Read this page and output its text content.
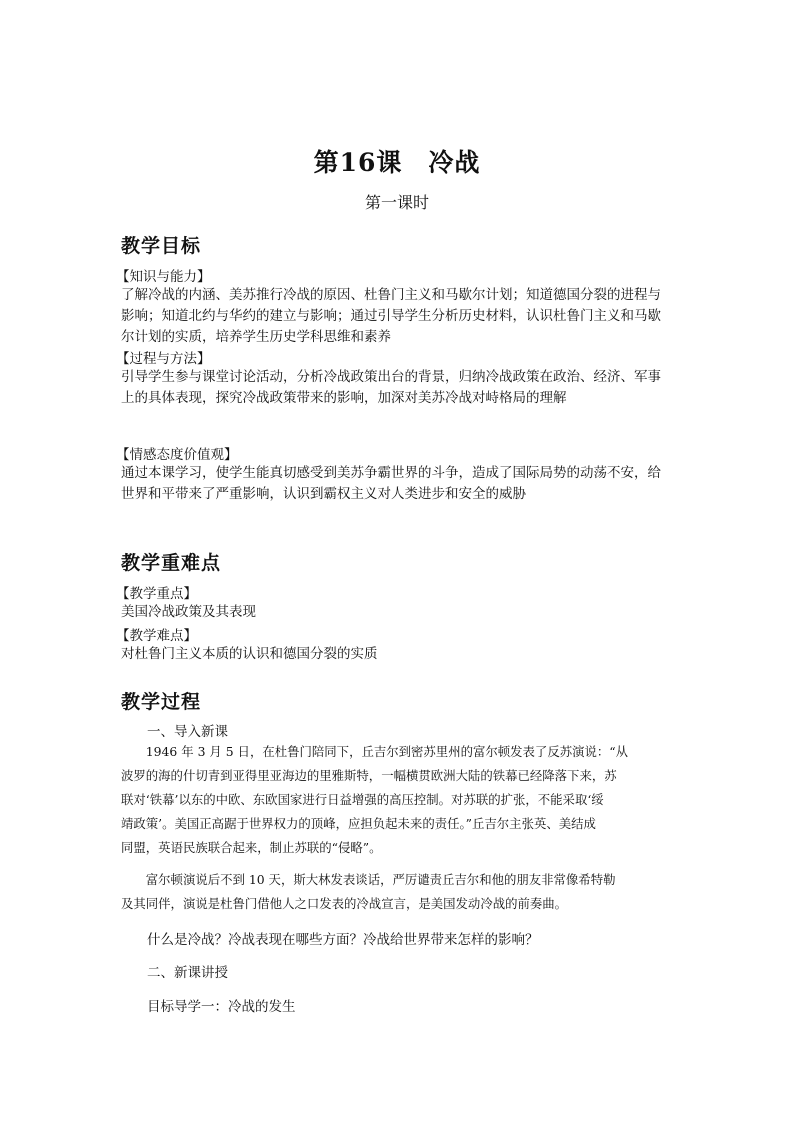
第16课　冷战
第一课时
教学目标
【知识与能力】
了解冷战的内涵、美苏推行冷战的原因、杜鲁门主义和马歇尔计划；知道德国分裂的进程与
影响；知道北约与华约的建立与影响；通过引导学生分析历史材料，认识杜鲁门主义和马歇
尔计划的实质，培养学生历史学科思维和素养
【过程与方法】
引导学生参与课堂讨论活动，分析冷战政策出台的背景，归纳冷战政策在政治、经济、军事
上的具体表现，探究冷战政策带来的影响，加深对美苏冷战对峙格局的理解
【情感态度价值观】
通过本课学习，使学生能真切感受到美苏争霸世界的斗争，造成了国际局势的动荡不安，给
世界和平带来了严重影响，认识到霸权主义对人类进步和安全的威胁
教学重难点
【教学重点】
美国冷战政策及其表现
【教学难点】
对杜鲁门主义本质的认识和德国分裂的实质
教学过程
一、导入新课
　　1946 年 3 月 5 日，在杜鲁门陪同下，丘吉尔到密苏里州的富尔顿发表了反苏演说：“从
波罗的海的什切青到亚得里亚海边的里雅斯特，一幅横贯欧洲大陆的铁幕已经降落下来，苏
联对‘铁幕’以东的中欧、东欧国家进行日益增强的高压控制。对苏联的扩张，不能采取‘绥
靖政策’。美国正高踞于世界权力的顶峰，应担负起未来的责任。”丘吉尔主张英、美结成
同盟，英语民族联合起来，制止苏联的“侵略”。
　　富尔顿演说后不到 10 天，斯大林发表谈话，严厉谴责丘吉尔和他的朋友非常像希特勒
及其同伴，演说是杜鲁门借他人之口发表的冷战宣言，是美国发动冷战的前奏曲。
什么是冷战？冷战表现在哪些方面？冷战给世界带来怎样的影响？
二、新课讲授
目标导学一：冷战的发生
